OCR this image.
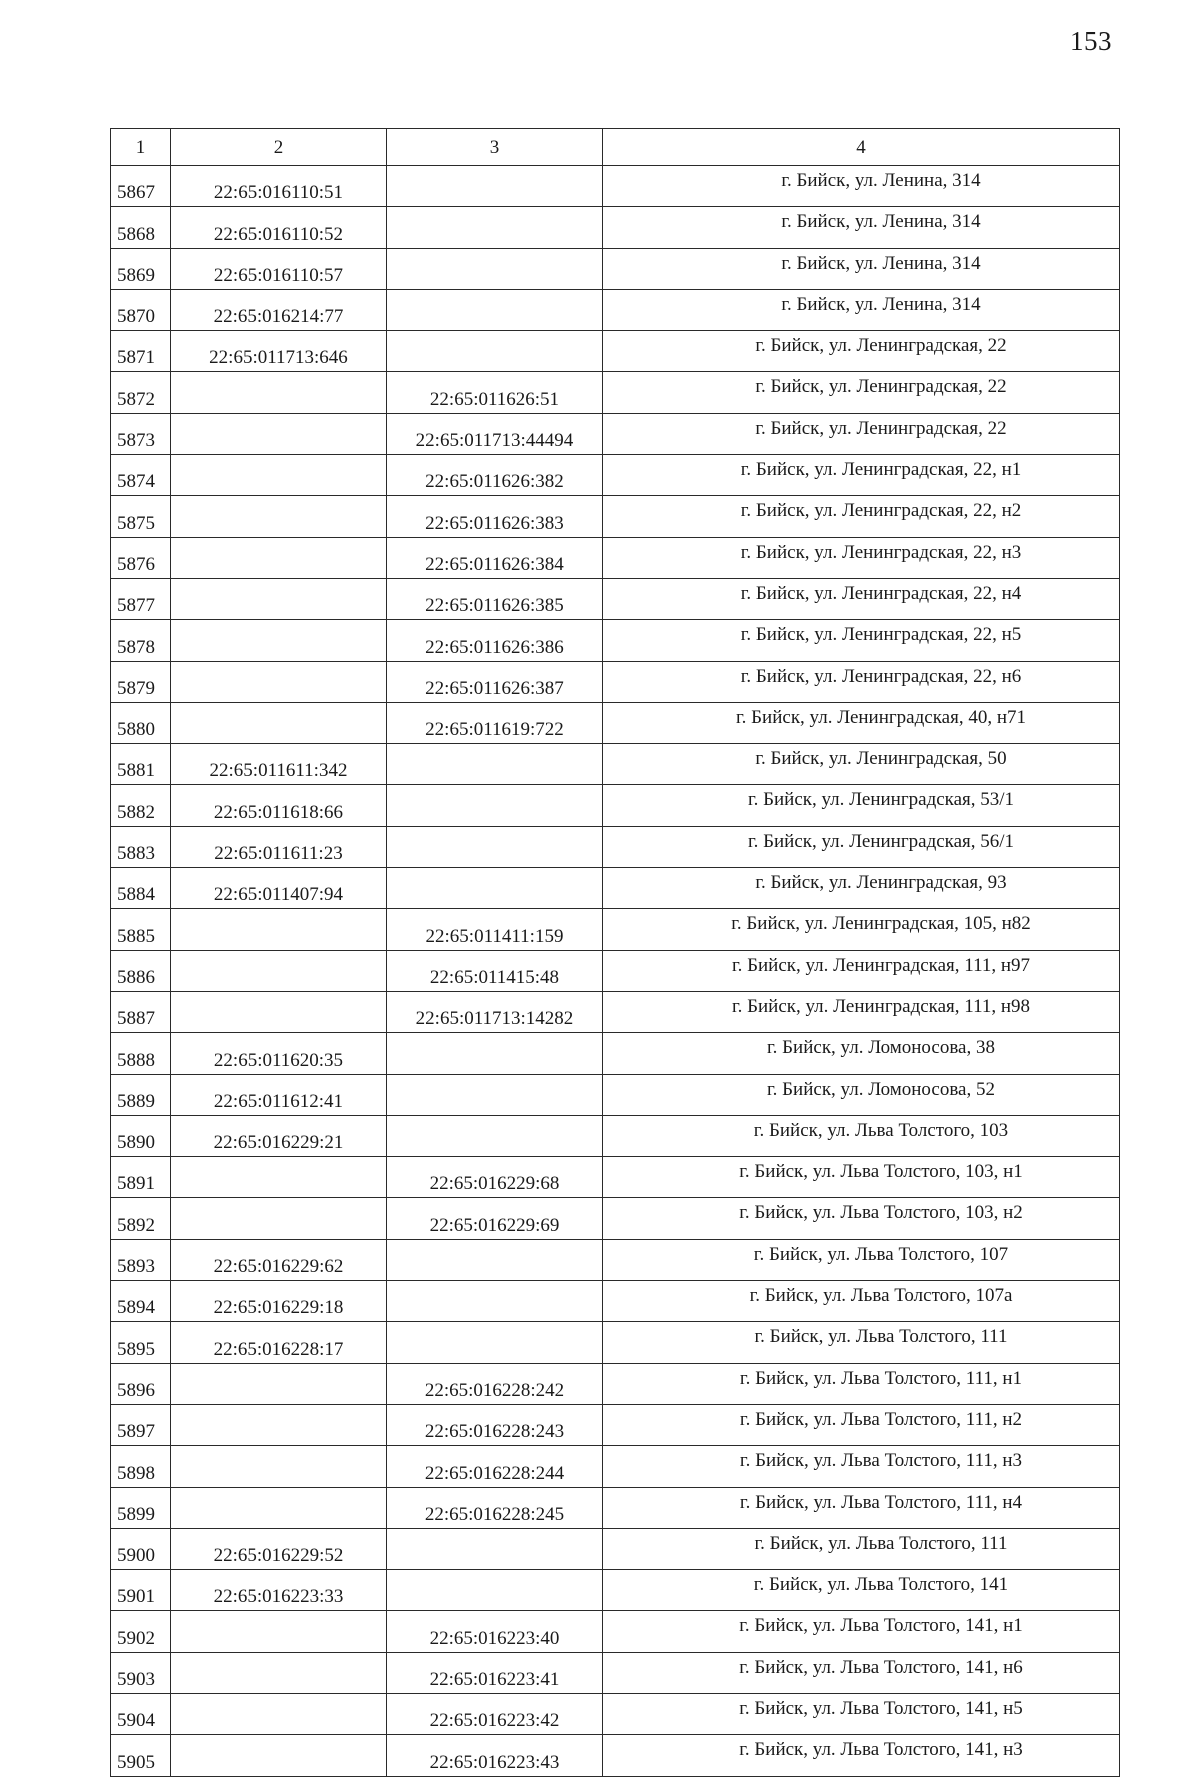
153
1	2	3	4
5867	22:65:016110:51		г. Бийск, ул. Ленина, 314
5868	22:65:016110:52		г. Бийск, ул. Ленина, 314
5869	22:65:016110:57		г. Бийск, ул. Ленина, 314
5870	22:65:016214:77		г. Бийск, ул. Ленина, 314
5871	22:65:011713:646		г. Бийск, ул. Ленинградская, 22
5872		22:65:011626:51	г. Бийск, ул. Ленинградская, 22
5873		22:65:011713:44494	г. Бийск, ул. Ленинградская, 22
5874		22:65:011626:382	г. Бийск, ул. Ленинградская, 22, н1
5875		22:65:011626:383	г. Бийск, ул. Ленинградская, 22, н2
5876		22:65:011626:384	г. Бийск, ул. Ленинградская, 22, н3
5877		22:65:011626:385	г. Бийск, ул. Ленинградская, 22, н4
5878		22:65:011626:386	г. Бийск, ул. Ленинградская, 22, н5
5879		22:65:011626:387	г. Бийск, ул. Ленинградская, 22, н6
5880		22:65:011619:722	г. Бийск, ул. Ленинградская, 40, н71
5881	22:65:011611:342		г. Бийск, ул. Ленинградская, 50
5882	22:65:011618:66		г. Бийск, ул. Ленинградская, 53/1
5883	22:65:011611:23		г. Бийск, ул. Ленинградская, 56/1
5884	22:65:011407:94		г. Бийск, ул. Ленинградская, 93
5885		22:65:011411:159	г. Бийск, ул. Ленинградская, 105, н82
5886		22:65:011415:48	г. Бийск, ул. Ленинградская, 111, н97
5887		22:65:011713:14282	г. Бийск, ул. Ленинградская, 111, н98
5888	22:65:011620:35		г. Бийск, ул. Ломоносова, 38
5889	22:65:011612:41		г. Бийск, ул. Ломоносова, 52
5890	22:65:016229:21		г. Бийск, ул. Льва Толстого, 103
5891		22:65:016229:68	г. Бийск, ул. Льва Толстого, 103, н1
5892		22:65:016229:69	г. Бийск, ул. Льва Толстого, 103, н2
5893	22:65:016229:62		г. Бийск, ул. Льва Толстого, 107
5894	22:65:016229:18		г. Бийск, ул. Льва Толстого, 107а
5895	22:65:016228:17		г. Бийск, ул. Льва Толстого, 111
5896		22:65:016228:242	г. Бийск, ул. Льва Толстого, 111, н1
5897		22:65:016228:243	г. Бийск, ул. Льва Толстого, 111, н2
5898		22:65:016228:244	г. Бийск, ул. Льва Толстого, 111, н3
5899		22:65:016228:245	г. Бийск, ул. Льва Толстого, 111, н4
5900	22:65:016229:52		г. Бийск, ул. Льва Толстого, 111
5901	22:65:016223:33		г. Бийск, ул. Льва Толстого, 141
5902		22:65:016223:40	г. Бийск, ул. Льва Толстого, 141, н1
5903		22:65:016223:41	г. Бийск, ул. Льва Толстого, 141, н6
5904		22:65:016223:42	г. Бийск, ул. Льва Толстого, 141, н5
5905		22:65:016223:43	г. Бийск, ул. Льва Толстого, 141, н3
